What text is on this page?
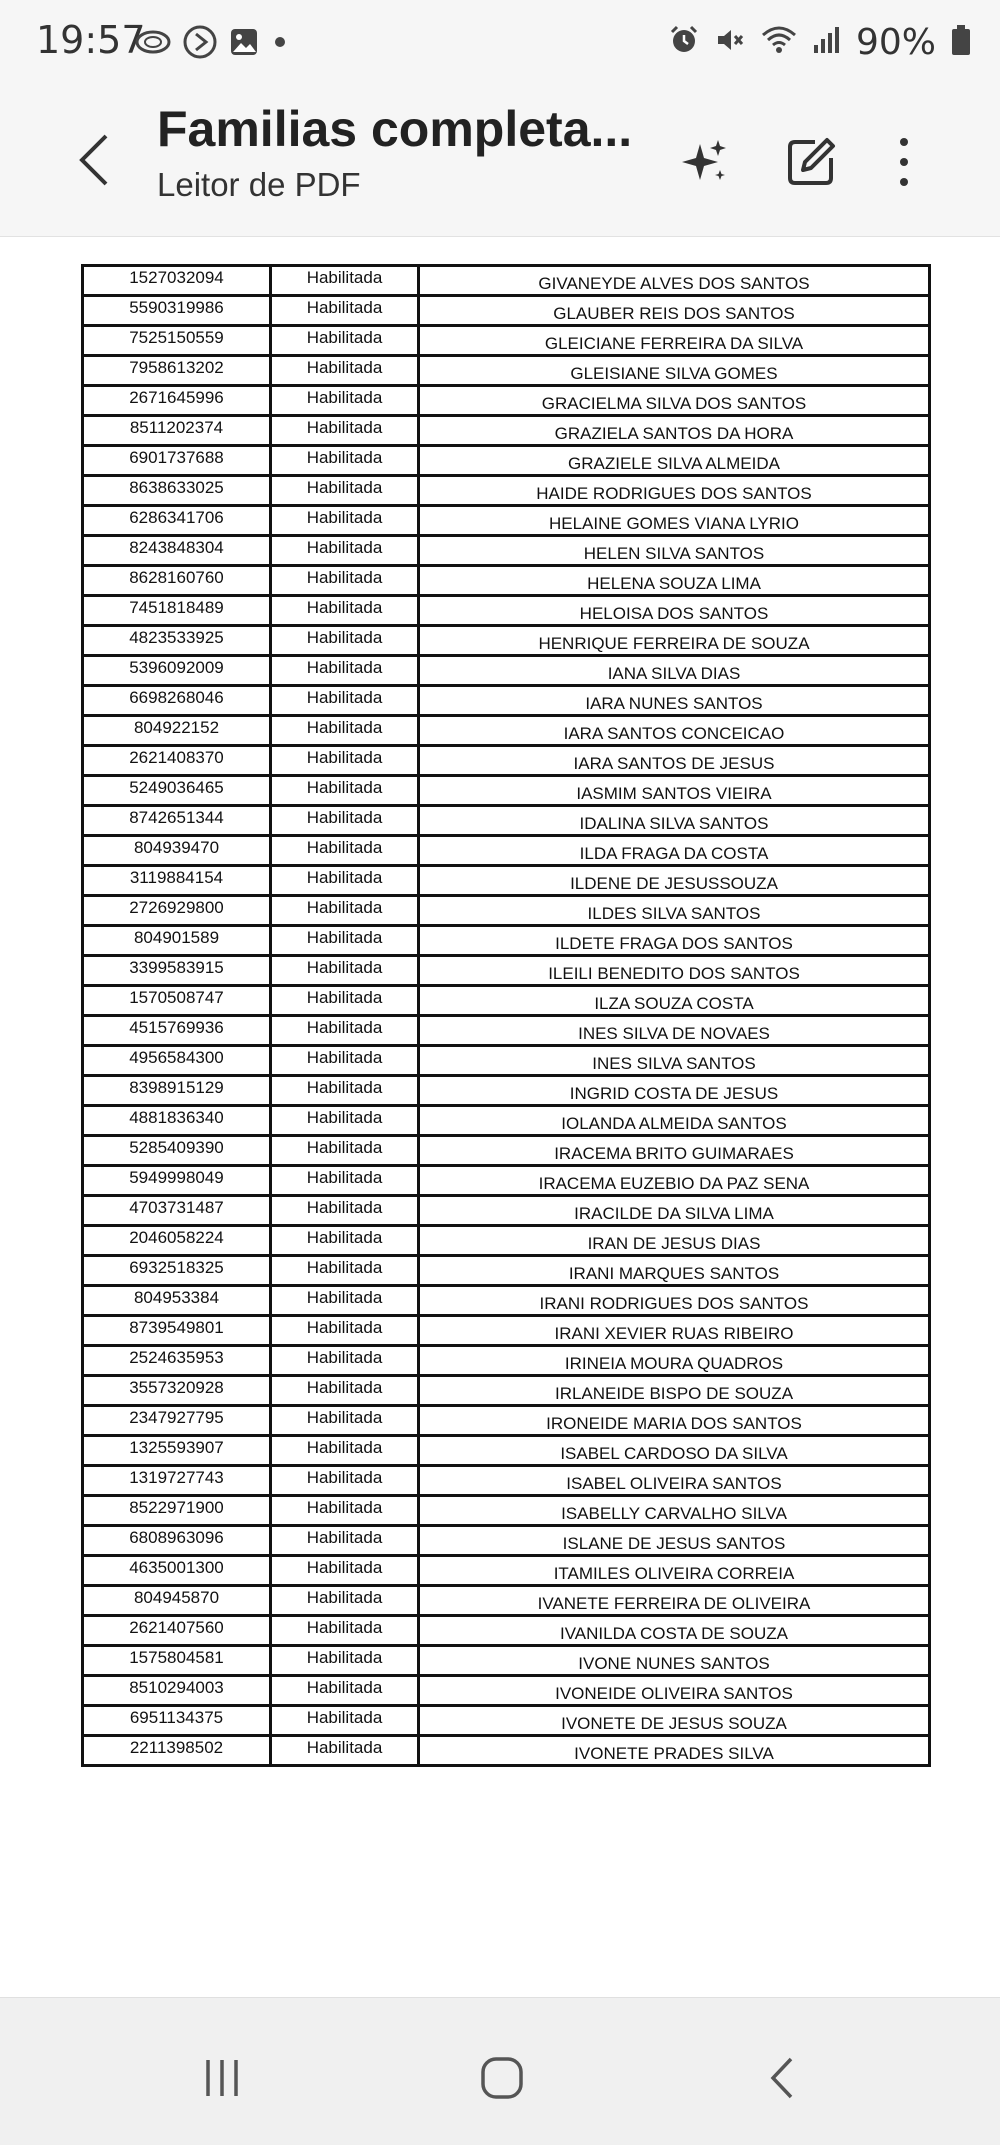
19:57	90%
Familias completa...
Leitor de PDF
1527032094	Habilitada	GIVANEYDE ALVES DOS SANTOS
5590319986	Habilitada	GLAUBER REIS DOS SANTOS
7525150559	Habilitada	GLEICIANE FERREIRA DA SILVA
7958613202	Habilitada	GLEISIANE SILVA GOMES
2671645996	Habilitada	GRACIELMA SILVA DOS SANTOS
8511202374	Habilitada	GRAZIELA SANTOS DA HORA
6901737688	Habilitada	GRAZIELE SILVA ALMEIDA
8638633025	Habilitada	HAIDE RODRIGUES DOS SANTOS
6286341706	Habilitada	HELAINE GOMES VIANA LYRIO
8243848304	Habilitada	HELEN SILVA SANTOS
8628160760	Habilitada	HELENA SOUZA LIMA
7451818489	Habilitada	HELOISA DOS SANTOS
4823533925	Habilitada	HENRIQUE FERREIRA DE SOUZA
5396092009	Habilitada	IANA SILVA DIAS
6698268046	Habilitada	IARA NUNES SANTOS
804922152	Habilitada	IARA SANTOS CONCEICAO
2621408370	Habilitada	IARA SANTOS DE JESUS
5249036465	Habilitada	IASMIM SANTOS VIEIRA
8742651344	Habilitada	IDALINA SILVA SANTOS
804939470	Habilitada	ILDA FRAGA DA COSTA
3119884154	Habilitada	ILDENE DE JESUSSOUZA
2726929800	Habilitada	ILDES SILVA SANTOS
804901589	Habilitada	ILDETE FRAGA DOS SANTOS
3399583915	Habilitada	ILEILI BENEDITO DOS SANTOS
1570508747	Habilitada	ILZA SOUZA COSTA
4515769936	Habilitada	INES SILVA DE NOVAES
4956584300	Habilitada	INES SILVA SANTOS
8398915129	Habilitada	INGRID COSTA DE JESUS
4881836340	Habilitada	IOLANDA ALMEIDA SANTOS
5285409390	Habilitada	IRACEMA BRITO GUIMARAES
5949998049	Habilitada	IRACEMA EUZEBIO DA PAZ SENA
4703731487	Habilitada	IRACILDE DA SILVA LIMA
2046058224	Habilitada	IRAN DE JESUS DIAS
6932518325	Habilitada	IRANI MARQUES SANTOS
804953384	Habilitada	IRANI RODRIGUES DOS SANTOS
8739549801	Habilitada	IRANI XEVIER RUAS RIBEIRO
2524635953	Habilitada	IRINEIA MOURA QUADROS
3557320928	Habilitada	IRLANEIDE BISPO DE SOUZA
2347927795	Habilitada	IRONEIDE MARIA DOS SANTOS
1325593907	Habilitada	ISABEL CARDOSO DA SILVA
1319727743	Habilitada	ISABEL OLIVEIRA SANTOS
8522971900	Habilitada	ISABELLY CARVALHO SILVA
6808963096	Habilitada	ISLANE DE JESUS SANTOS
4635001300	Habilitada	ITAMILES OLIVEIRA CORREIA
804945870	Habilitada	IVANETE FERREIRA DE OLIVEIRA
2621407560	Habilitada	IVANILDA COSTA DE SOUZA
1575804581	Habilitada	IVONE NUNES SANTOS
8510294003	Habilitada	IVONEIDE OLIVEIRA SANTOS
6951134375	Habilitada	IVONETE DE JESUS SOUZA
2211398502	Habilitada	IVONETE PRADES SILVA
